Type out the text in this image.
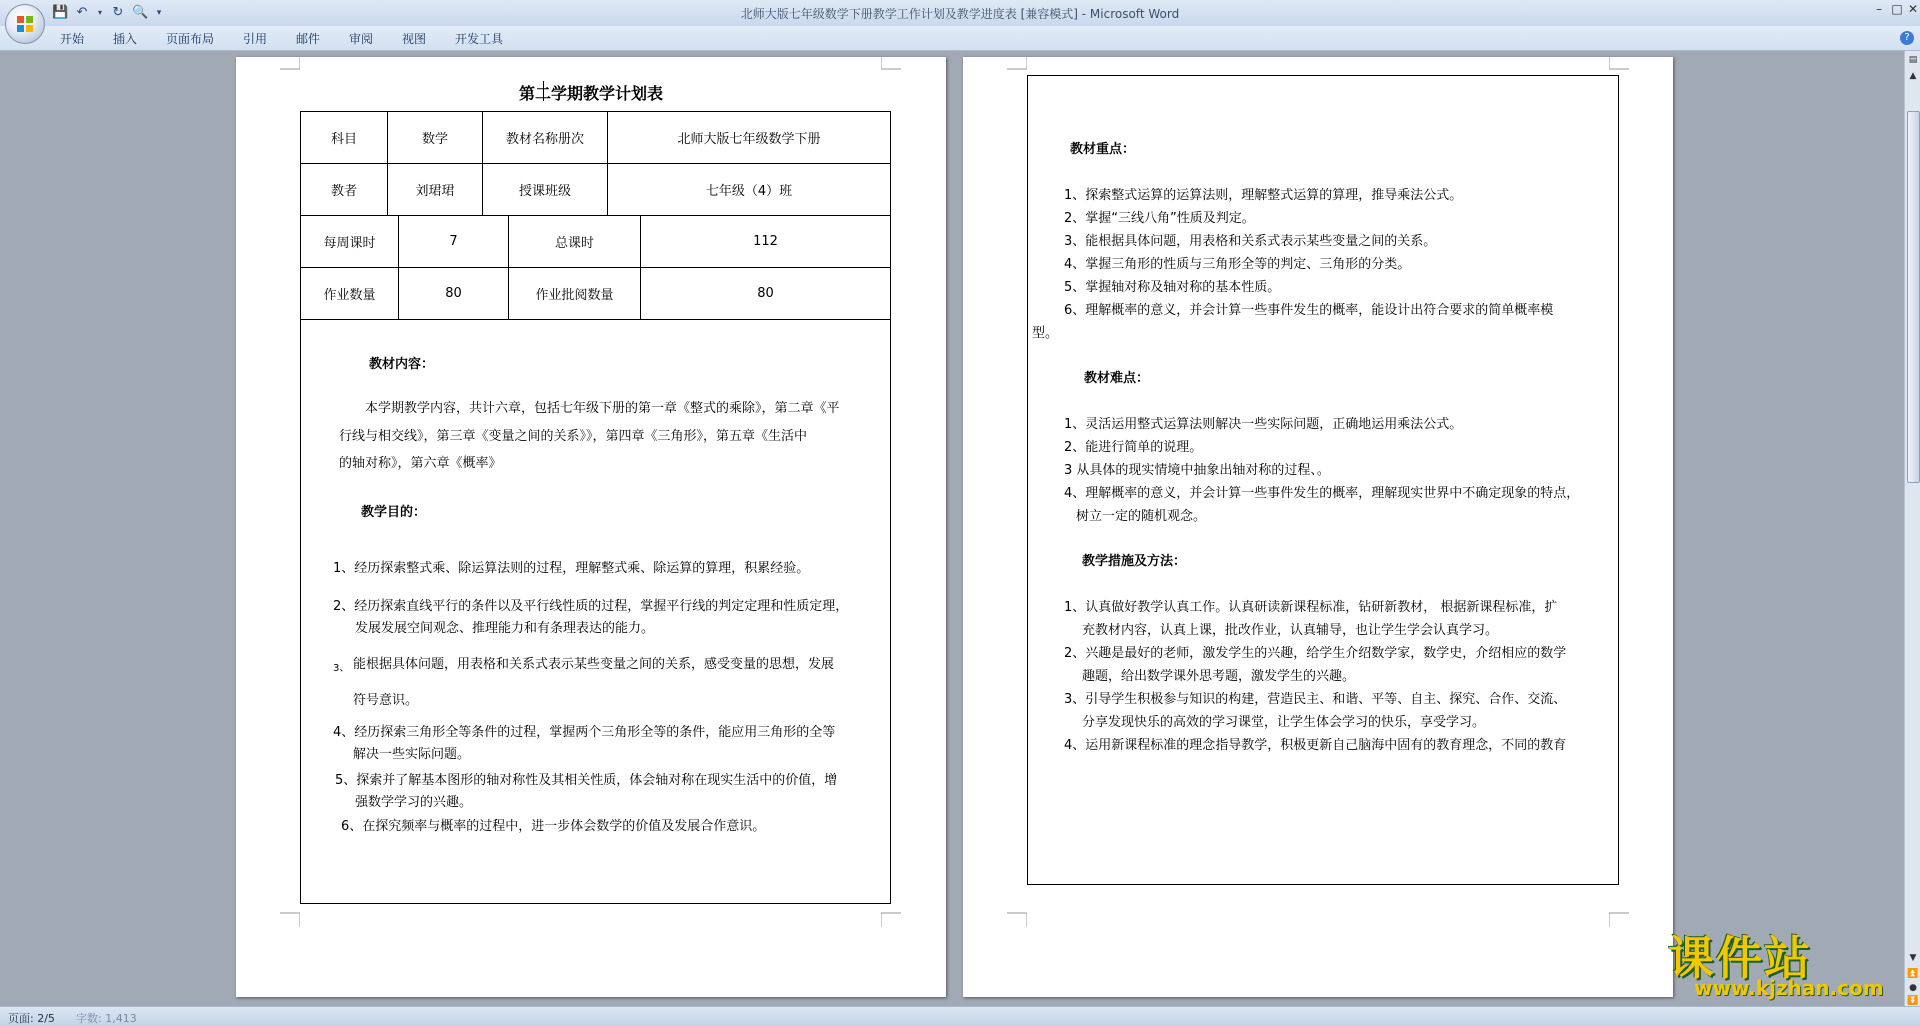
💾 ↶	▾ ↻ 🔍 ▾	北师大版七年级数学下册教学工作计划及教学进度表 [兼容模式] - Microsoft Word	– □ ✕
开始 插入 页面布局 引用 邮件 审阅 视图 开发工具	?
第二学期教学计划表
科目	数学	教材名称册次	北师大版七年级数学下册
教者	刘珺珺	授课班级	七年级（4）班
每周课时	7	总课时	112
作业数量	80	作业批阅数量	80
教材内容：
本学期教学内容，共计六章，包括七年级下册的第一章《整式的乘除》，第二章《平
行线与相交线》，第三章《变量之间的关系》》，第四章《三角形》，第五章《生活中
的轴对称》，第六章《概率》
教学目的：
1、经历探索整式乘、除运算法则的过程，理解整式乘、除运算的算理，积累经验。
2、经历探索直线平行的条件以及平行线性质的过程，掌握平行线的判定定理和性质定理，
发展发展空间观念、推理能力和有条理表达的能力。
3、 能根据具体问题，用表格和关系式表示某些变量之间的关系，感受变量的思想，发展
符号意识。
4、经历探索三角形全等条件的过程，掌握两个三角形全等的条件，能应用三角形的全等
解决一些实际问题。
5、探索并了解基本图形的轴对称性及其相关性质，体会轴对称在现实生活中的价值，增
强数学学习的兴趣。
6、在探究频率与概率的过程中，进一步体会数学的价值及发展合作意识。
教材重点：
1、探索整式运算的运算法则，理解整式运算的算理，推导乘法公式。
2、掌握“三线八角”性质及判定。
3、能根据具体问题，用表格和关系式表示某些变量之间的关系。
4、掌握三角形的性质与三角形全等的判定、三角形的分类。
5、掌握轴对称及轴对称的基本性质。
6、理解概率的意义，并会计算一些事件发生的概率，能设计出符合要求的简单概率模
型。
教材难点：
1、灵活运用整式运算法则解决一些实际问题，正确地运用乘法公式。
2、能进行简单的说理。
3 从具体的现实情境中抽象出轴对称的过程、。
4、理解概率的意义，并会计算一些事件发生的概率，理解现实世界中不确定现象的特点，
树立一定的随机观念。
教学措施及方法：
1、认真做好教学认真工作。认真研读新课程标准，钻研新教材， 根据新课程标准，扩
充教材内容，认真上课，批改作业，认真辅导，也让学生学会认真学习。
2、兴趣是最好的老师，激发学生的兴趣，给学生介绍数学家，数学史，介绍相应的数学
趣题，给出数学课外思考题，激发学生的兴趣。
3、引导学生积极参与知识的构建，营造民主、和谐、平等、自主、探究、合作、交流、
分享发现快乐的高效的学习课堂，让学生体会学习的快乐，享受学习。
4、运用新课程标准的理念指导教学，积极更新自己脑海中固有的教育理念，不同的教育
▤
▲
▼
⏫
●
⏬
页面: 2/5 字数: 1,413
课件站
www.kjzhan.com
